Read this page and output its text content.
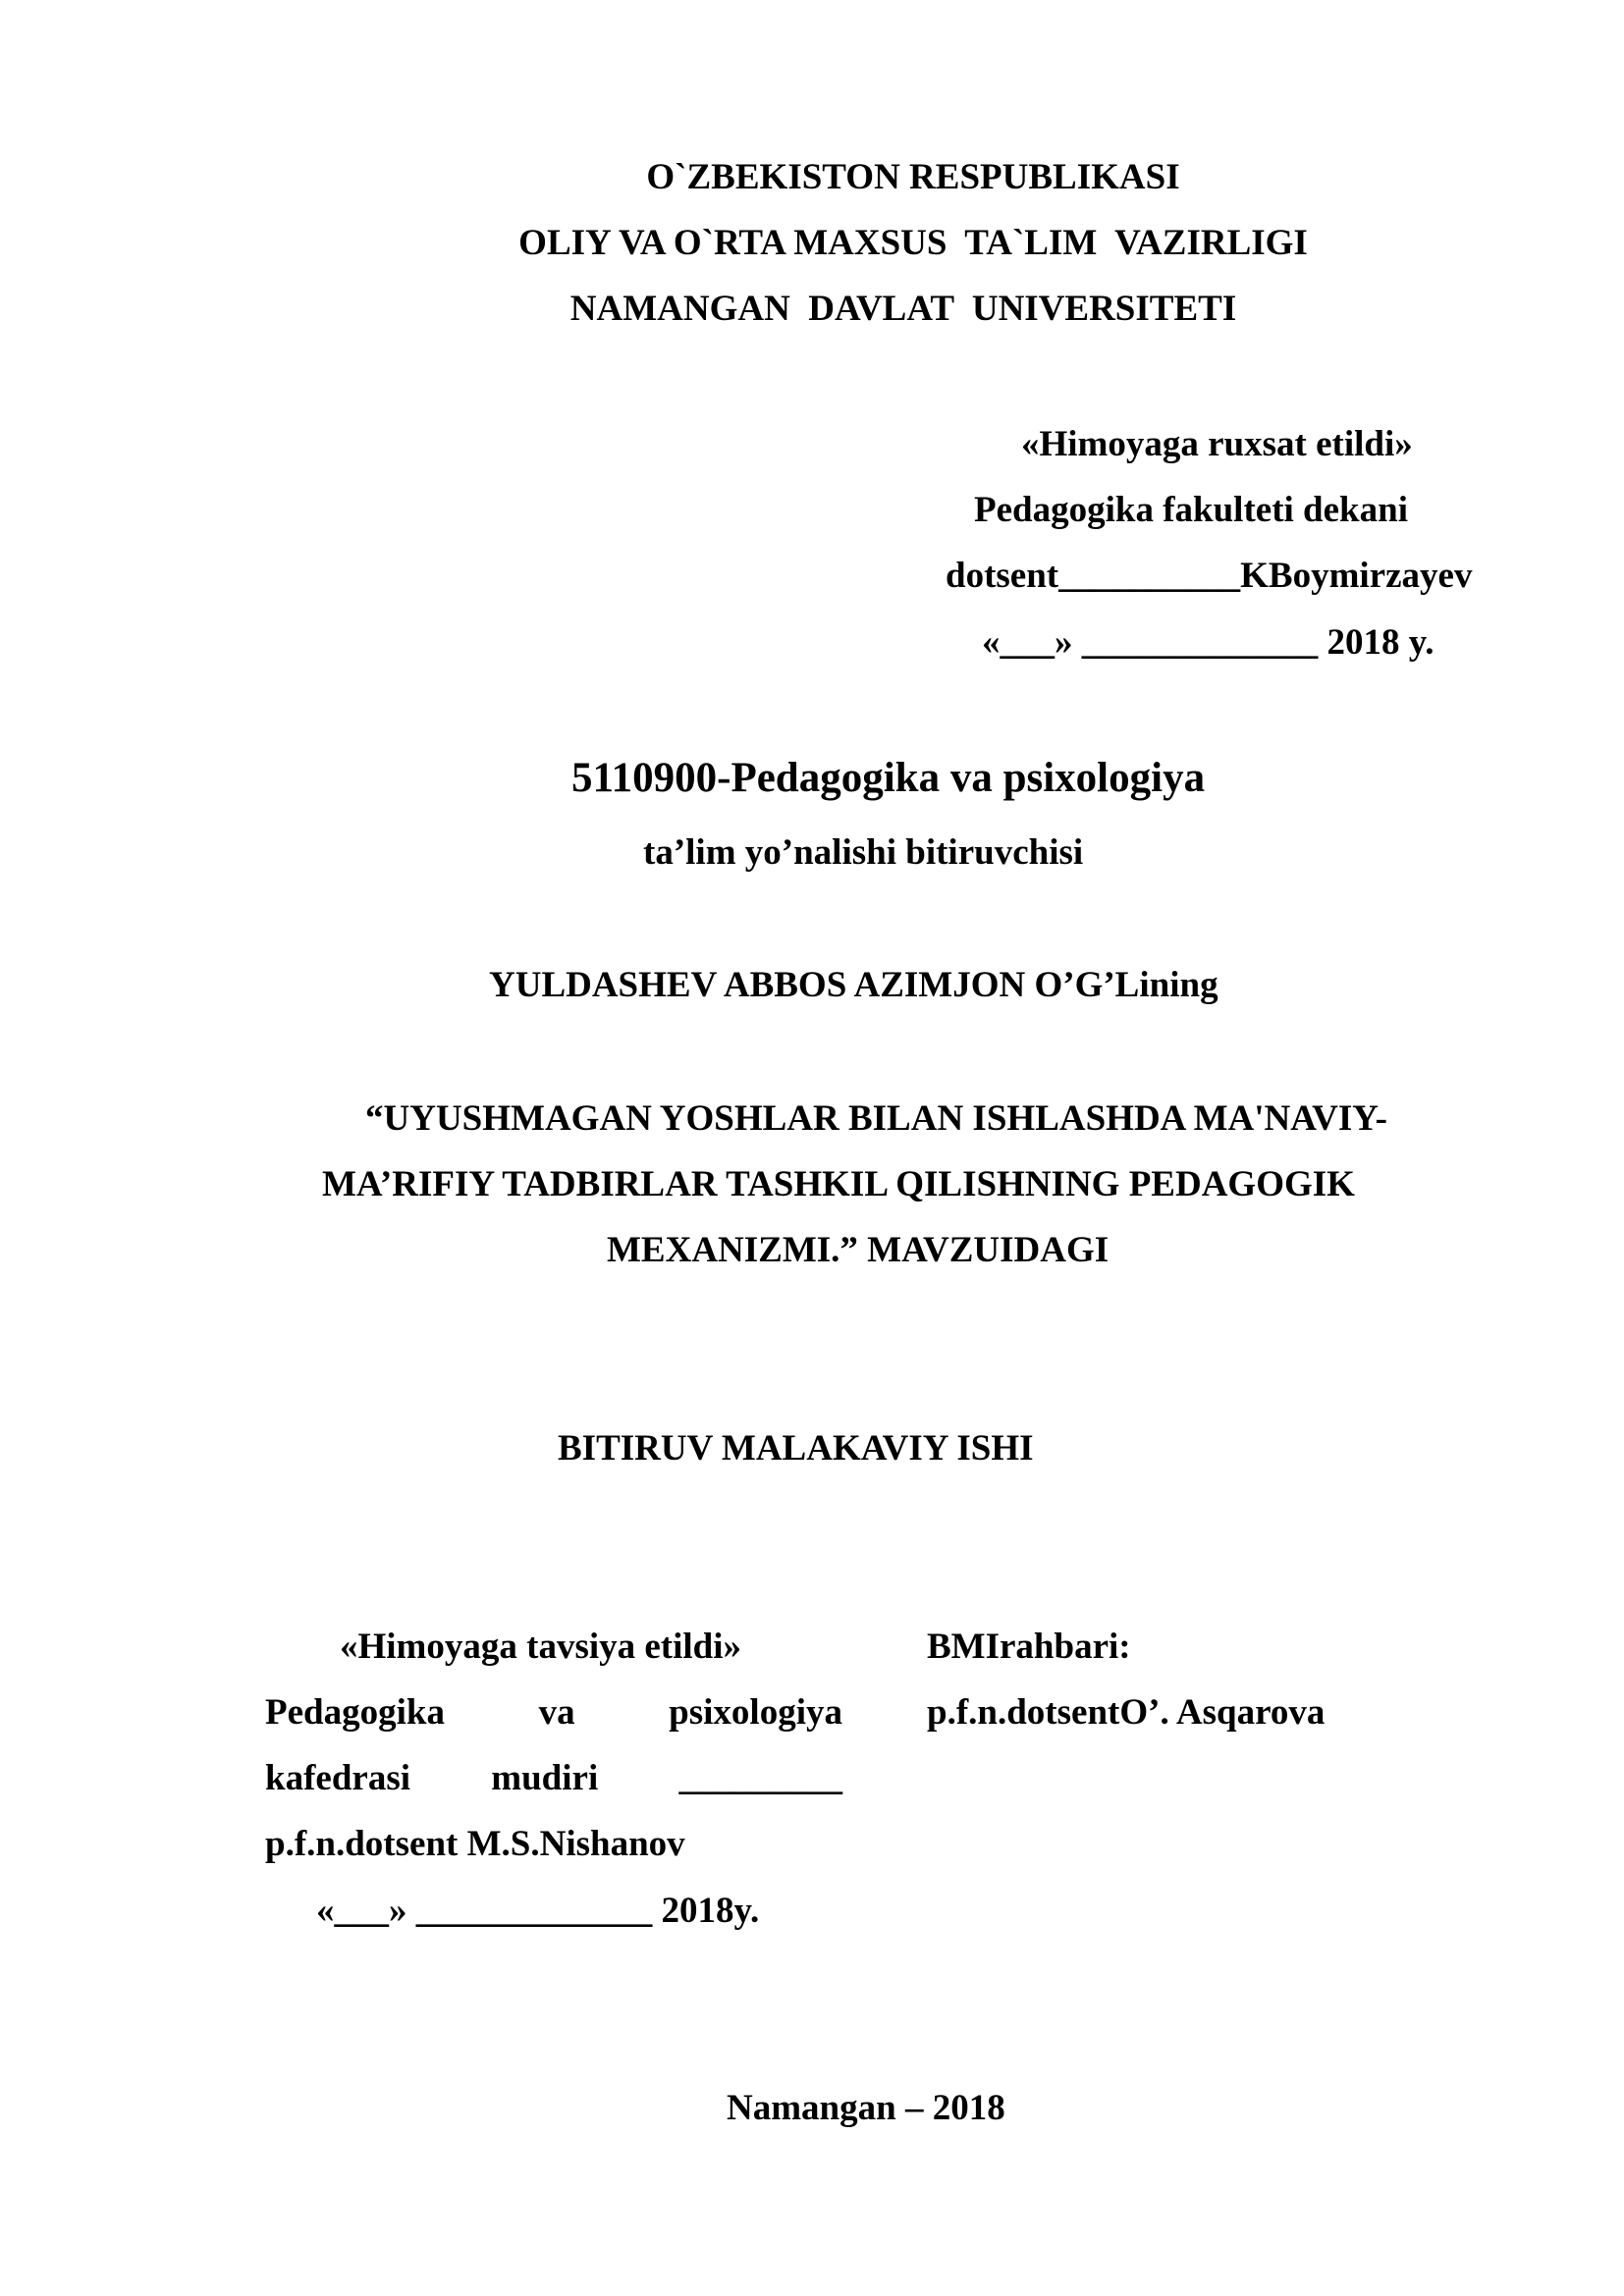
O`ZBEKISTON RESPUBLIKASI
OLIY VA O`RTA MAXSUS  TA`LIM  VAZIRLIGI
NAMANGAN  DAVLAT  UNIVERSITETI
«Himoyaga ruxsat etildi»
Pedagogika fakulteti dekani
dotsent__________KBoymirzayev
«___» _____________ 2018 y.
5110900-Pedagogika va psixologiya
ta’lim yo’nalishi bitiruvchisi
YULDASHEV ABBOS AZIMJON O’G’Lining
“UYUSHMAGAN YOSHLAR BILAN ISHLASHDA MA'NAVIY-
MA’RIFIY TADBIRLAR TASHKIL QILISHNING PEDAGOGIK
MEXANIZMI.” MAVZUIDAGI
BITIRUV MALAKAVIY ISHI
«Himoyaga tavsiya etildi»
Pedagogika	va	psixologiya
kafedrasi mudiri _________
p.f.n.dotsent M.S.Nishanov
«___» _____________ 2018y.
BMIrahbari:
p.f.n.dotsentO’. Asqarova
Namangan – 2018
